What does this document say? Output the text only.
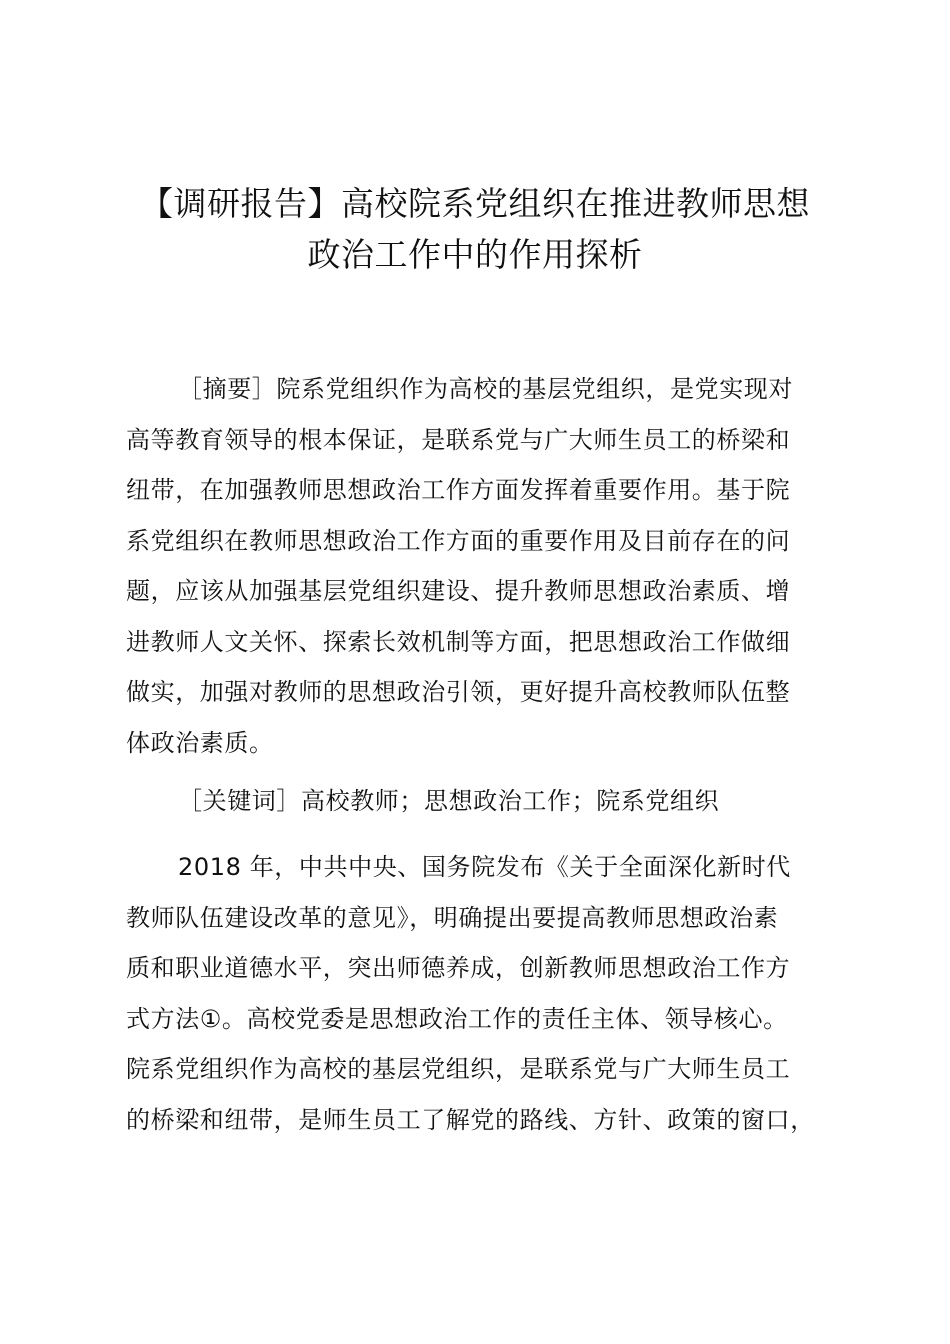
【调研报告】高校院系党组织在推进教师思想
政治工作中的作用探析

［摘要］院系党组织作为高校的基层党组织，是党实现对
高等教育领导的根本保证，是联系党与广大师生员工的桥梁和
纽带，在加强教师思想政治工作方面发挥着重要作用。基于院
系党组织在教师思想政治工作方面的重要作用及目前存在的问
题，应该从加强基层党组织建设、提升教师思想政治素质、增
进教师人文关怀、探索长效机制等方面，把思想政治工作做细
做实，加强对教师的思想政治引领，更好提升高校教师队伍整
体政治素质。

［关键词］高校教师；思想政治工作；院系党组织

2018 年，中共中央、国务院发布《关于全面深化新时代
教师队伍建设改革的意见》，明确提出要提高教师思想政治素
质和职业道德水平，突出师德养成，创新教师思想政治工作方
式方法①。高校党委是思想政治工作的责任主体、领导核心。
院系党组织作为高校的基层党组织，是联系党与广大师生员工
的桥梁和纽带，是师生员工了解党的路线、方针、政策的窗口，
